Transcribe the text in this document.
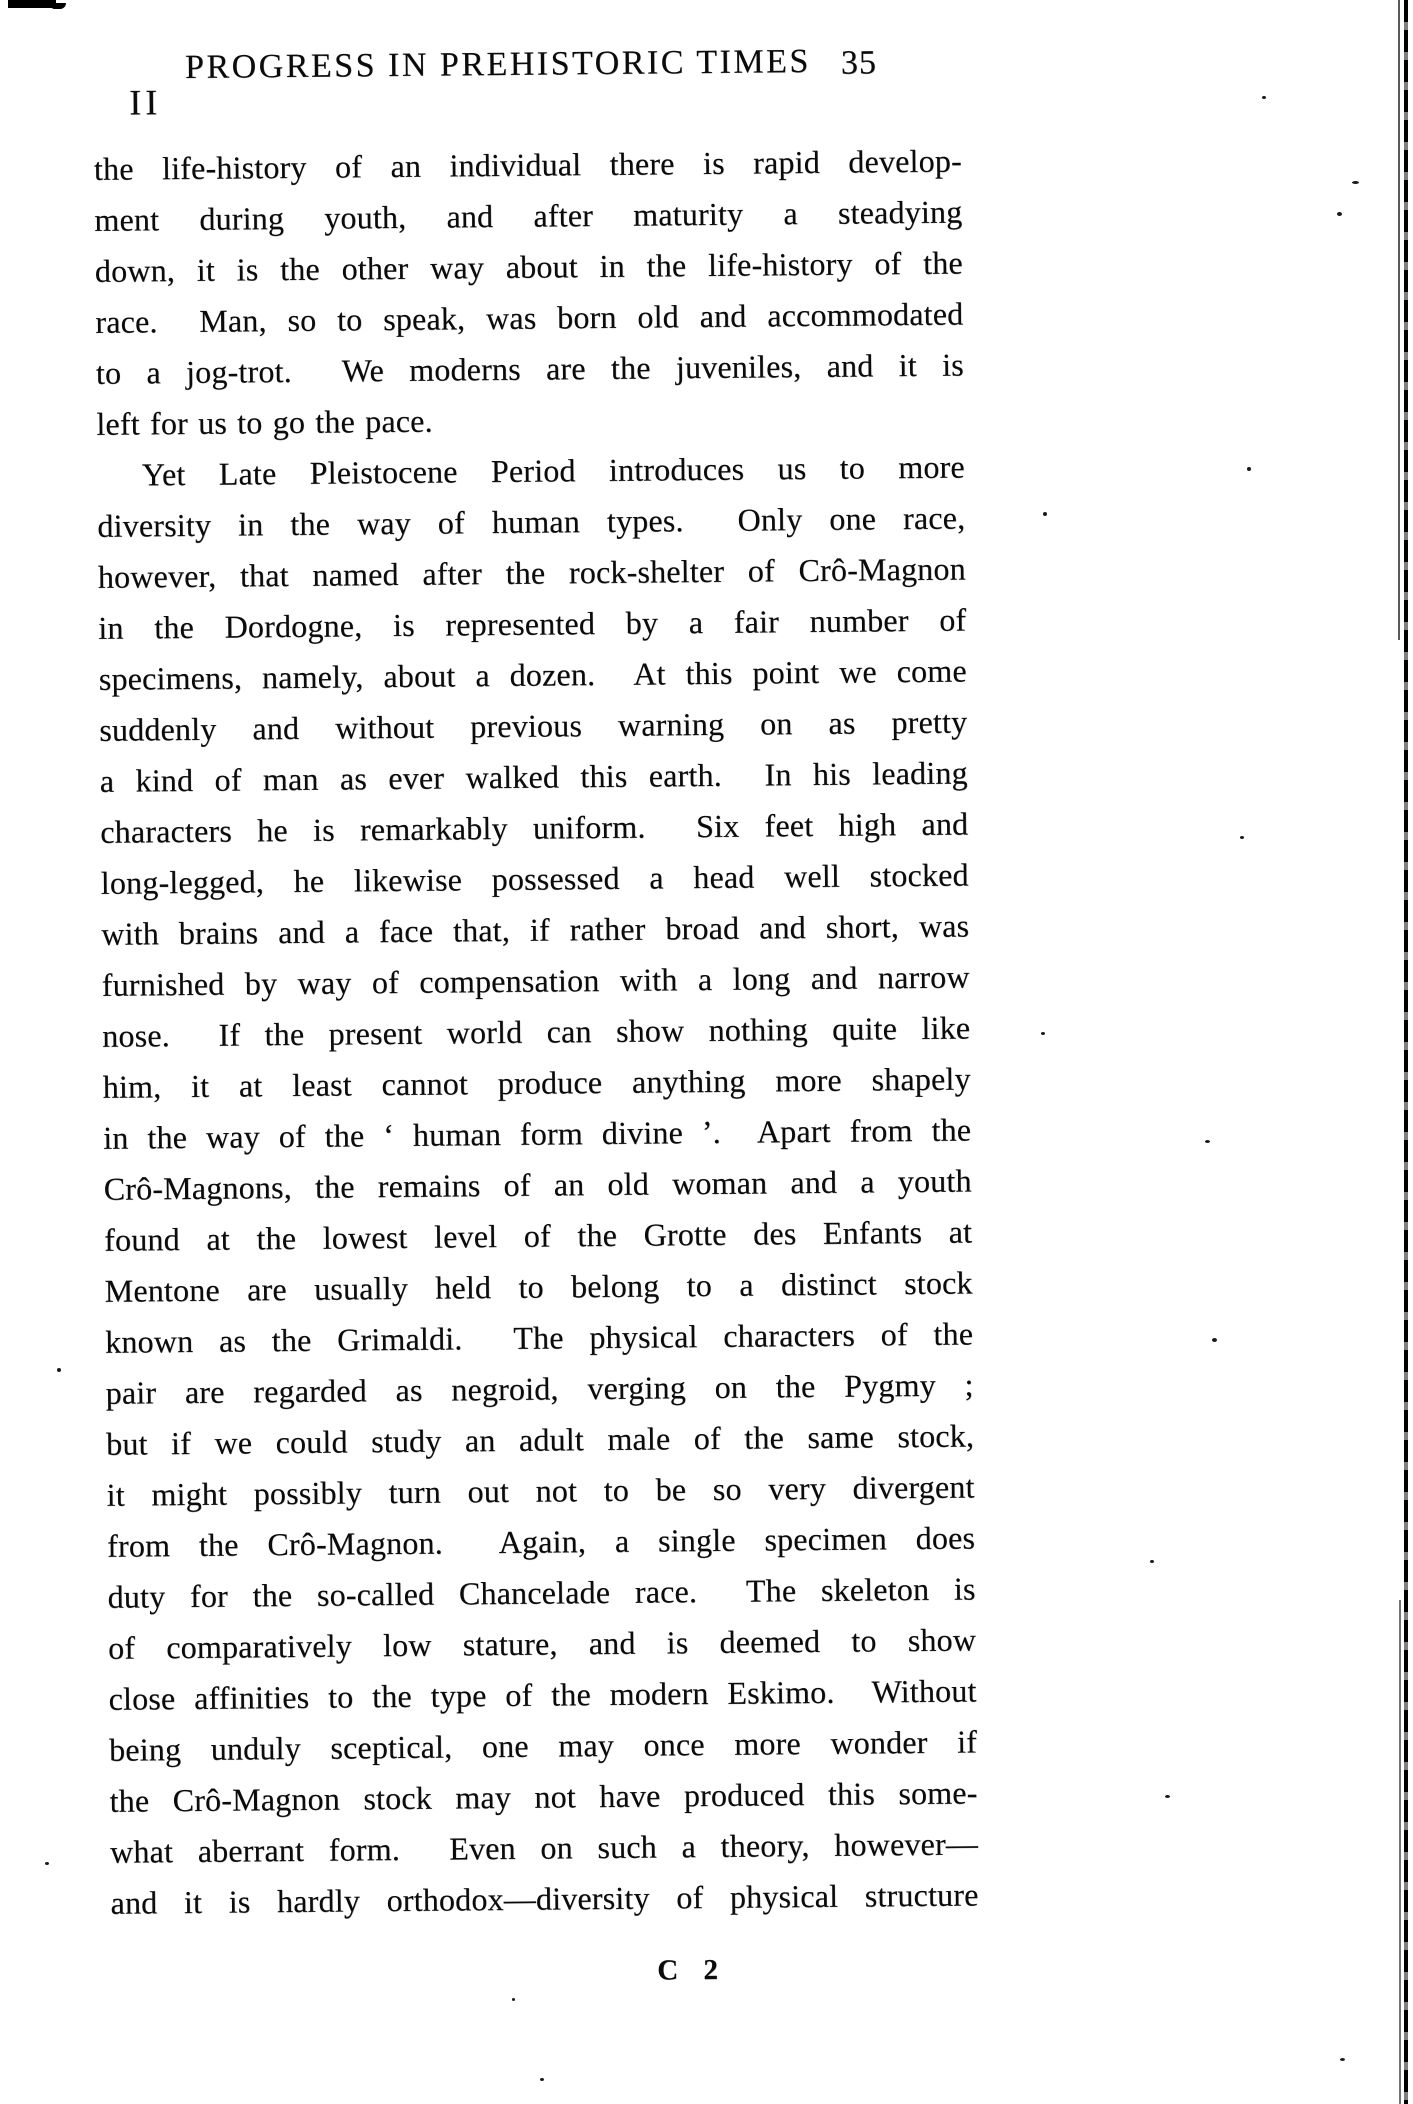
II
PROGRESS IN PREHISTORIC TIMES 35
the life-history of an individual there is rapid develop-
ment during youth, and after maturity a steadying
down, it is the other way about in the life-history of the
race.  Man, so to speak, was born old and accommodated
to a jog-trot.  We moderns are the juveniles, and it is
left for us to go the pace.
Yet Late Pleistocene Period introduces us to more
diversity in the way of human types.  Only one race,
however, that named after the rock-shelter of Crô-Magnon
in the Dordogne, is represented by a fair number of
specimens, namely, about a dozen.  At this point we come
suddenly and without previous warning on as pretty
a kind of man as ever walked this earth.  In his leading
characters he is remarkably uniform.  Six feet high and
long-legged, he likewise possessed a head well stocked
with brains and a face that, if rather broad and short, was
furnished by way of compensation with a long and narrow
nose.  If the present world can show nothing quite like
him, it at least cannot produce anything more shapely
in the way of the ‘ human form divine ’.  Apart from the
Crô-Magnons, the remains of an old woman and a youth
found at the lowest level of the Grotte des Enfants at
Mentone are usually held to belong to a distinct stock
known as the Grimaldi.  The physical characters of the
pair are regarded as negroid, verging on the Pygmy ;
but if we could study an adult male of the same stock,
it might possibly turn out not to be so very divergent
from the Crô-Magnon.  Again, a single specimen does
duty for the so-called Chancelade race.  The skeleton is
of comparatively low stature, and is deemed to show
close affinities to the type of the modern Eskimo.  Without
being unduly sceptical, one may once more wonder if
the Crô-Magnon stock may not have produced this some-
what aberrant form.  Even on such a theory, however—
and it is hardly orthodox—diversity of physical structure
C 2
